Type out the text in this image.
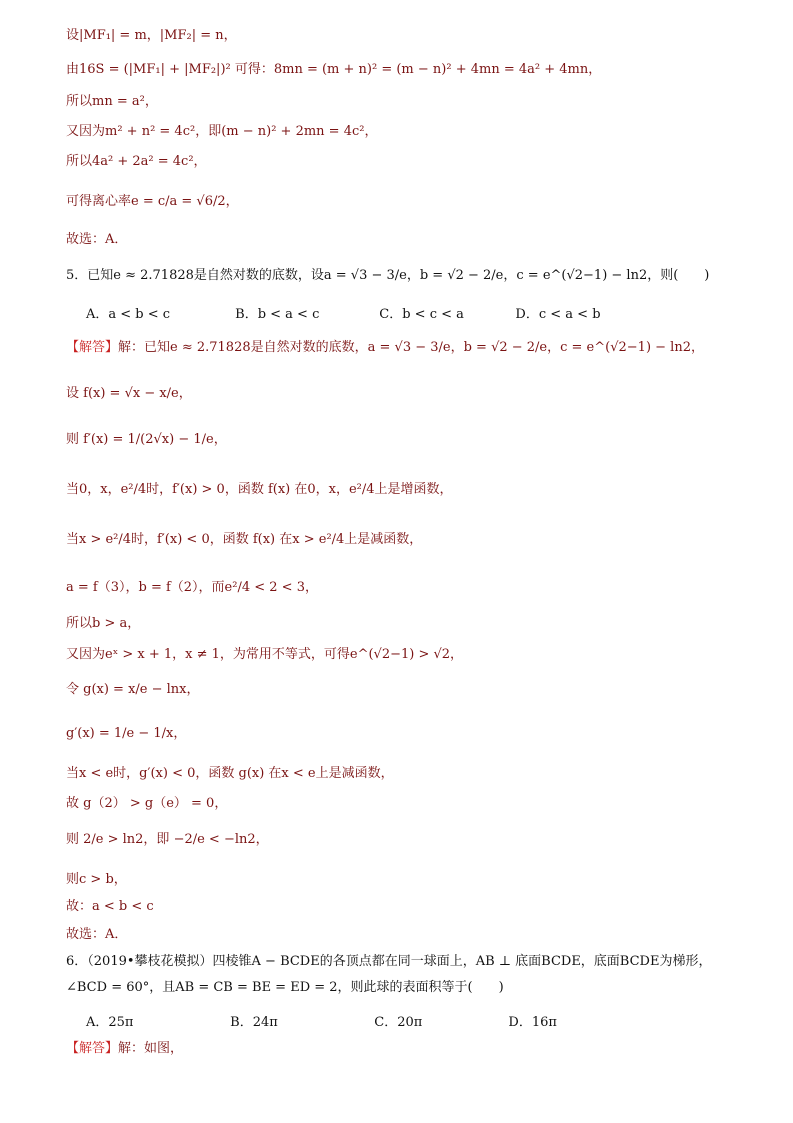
设|MF₁| = m，|MF₂| = n，
由16S = (|MF₁| + |MF₂|)² 可得：8mn = (m + n)² = (m − n)² + 4mn = 4a² + 4mn，
所以mn = a²，
又因为m² + n² = 4c²，即(m − n)² + 2mn = 4c²，
所以4a² + 2a² = 4c²，
可得离心率e = c/a = √6/2，
故选：A．
5．已知e ≈ 2.71828是自然对数的底数，设a = √3 − 3/e，b = √2 − 2/e，c = e^(√2−1) − ln2，则(　　)
A．a < b < c	B．b < a < c	C．b < c < a	D．c < a < b
【解答】解：已知e ≈ 2.71828是自然对数的底数，a = √3 − 3/e，b = √2 − 2/e，c = e^(√2−1) − ln2，
设 f(x) = √x − x/e，
则 f′(x) = 1/(2√x) − 1/e，
当0，x，e²/4时，f′(x) > 0，函数 f(x) 在0，x，e²/4上是增函数，
当x > e²/4时，f′(x) < 0，函数 f(x) 在x > e²/4上是减函数，
a = f（3），b = f（2），而e²/4 < 2 < 3，
所以b > a，
又因为eˣ > x + 1，x ≠ 1，为常用不等式，可得e^(√2−1) > √2，
令 g(x) = x/e − lnx，
g′(x) = 1/e − 1/x，
当x < e时，g′(x) < 0，函数 g(x) 在x < e上是减函数，
故 g（2） > g（e） = 0，
则 2/e > ln2，即 −2/e < −ln2，
则c > b，
故：a < b < c
故选：A．
6．（2019•攀枝花模拟）四棱锥A − BCDE的各顶点都在同一球面上，AB ⊥ 底面BCDE，底面BCDE为梯形，
∠BCD = 60°，且AB = CB = BE = ED = 2，则此球的表面积等于(　　)
A．25π	B．24π	C．20π	D．16π
【解答】解：如图，
